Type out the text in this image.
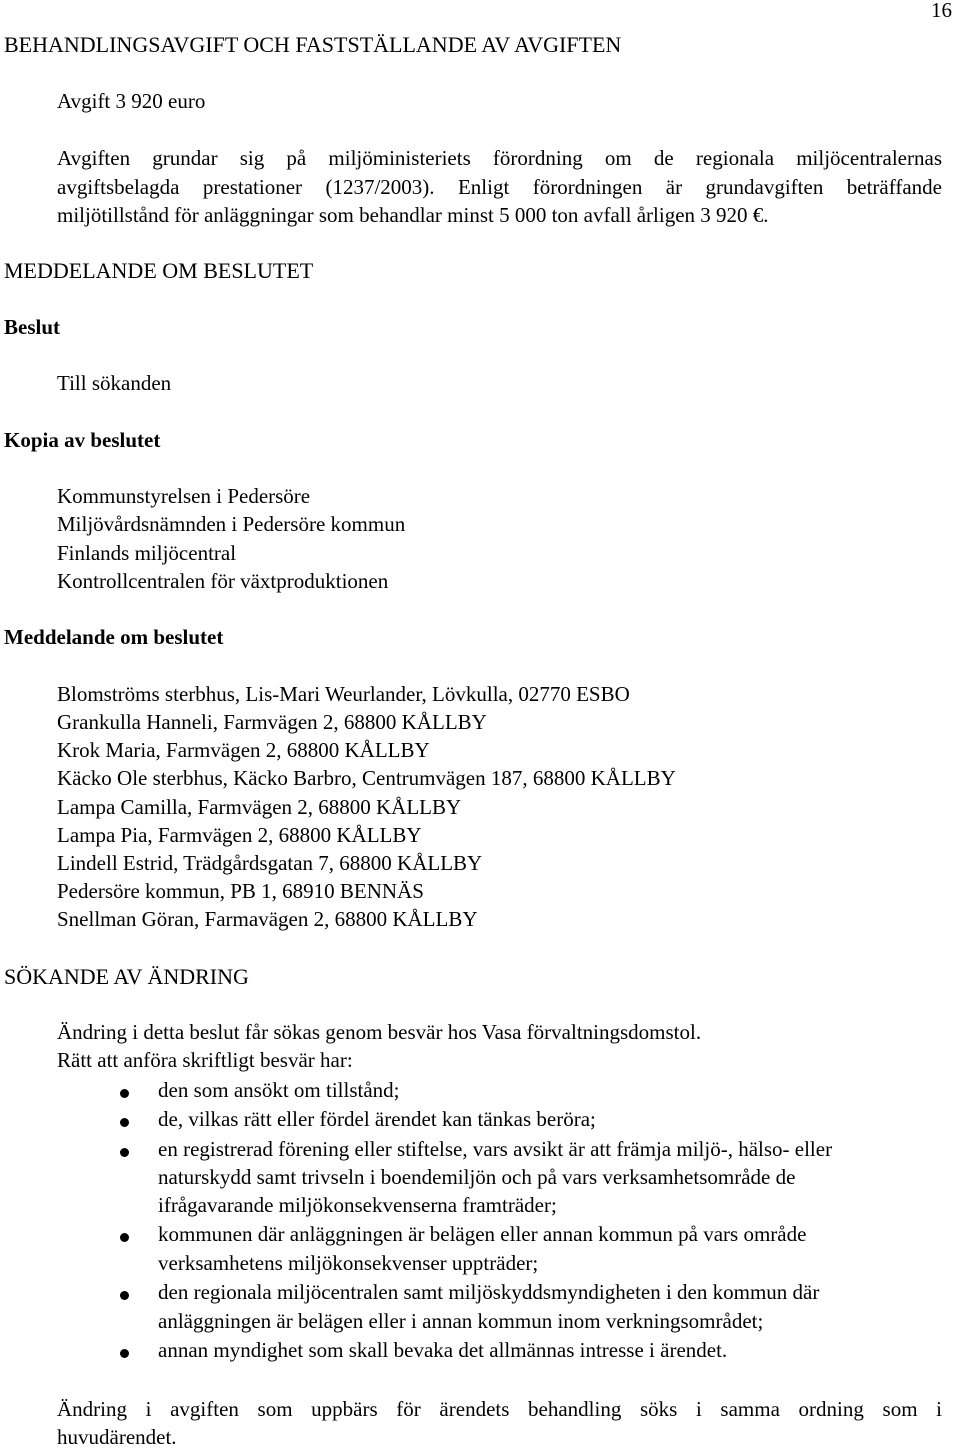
16
BEHANDLINGSAVGIFT OCH FASTSTÄLLANDE AV AVGIFTEN
Avgift 3 920 euro
Avgiften grundar sig på miljöministeriets förordning om de regionala miljöcentralernas
avgiftsbelagda prestationer (1237/2003). Enligt förordningen är grundavgiften beträffande
miljötillstånd för anläggningar som behandlar minst 5 000 ton avfall årligen 3 920 €.
MEDDELANDE OM BESLUTET
Beslut
Till sökanden
Kopia av beslutet
Kommunstyrelsen i Pedersöre
Miljövårdsnämnden i Pedersöre kommun
Finlands miljöcentral
Kontrollcentralen för växtproduktionen
Meddelande om beslutet
Blomströms sterbhus, Lis-Mari Weurlander, Lövkulla, 02770 ESBO
Grankulla Hanneli, Farmvägen 2, 68800 KÅLLBY
Krok Maria, Farmvägen 2, 68800 KÅLLBY
Käcko Ole sterbhus, Käcko Barbro, Centrumvägen 187, 68800 KÅLLBY
Lampa Camilla, Farmvägen 2, 68800 KÅLLBY
Lampa Pia, Farmvägen 2, 68800 KÅLLBY
Lindell Estrid, Trädgårdsgatan 7, 68800 KÅLLBY
Pedersöre kommun, PB 1, 68910 BENNÄS
Snellman Göran, Farmavägen 2, 68800 KÅLLBY
SÖKANDE AV ÄNDRING
Ändring i detta beslut får sökas genom besvär hos Vasa förvaltningsdomstol.
Rätt att anföra skriftligt besvär har:
den som ansökt om tillstånd;
de, vilkas rätt eller fördel ärendet kan tänkas beröra;
en registrerad förening eller stiftelse, vars avsikt är att främja miljö-, hälso- eller
naturskydd samt trivseln i boendemiljön och på vars verksamhetsområde de
ifrågavarande miljökonsekvenserna framträder;
kommunen där anläggningen är belägen eller annan kommun på vars område
verksamhetens miljökonsekvenser uppträder;
den regionala miljöcentralen samt miljöskyddsmyndigheten i den kommun där
anläggningen är belägen eller i annan kommun inom verkningsområdet;
annan myndighet som skall bevaka det allmännas intresse i ärendet.
Ändring i avgiften som uppbärs för ärendets behandling söks i samma ordning som i
huvudärendet.
